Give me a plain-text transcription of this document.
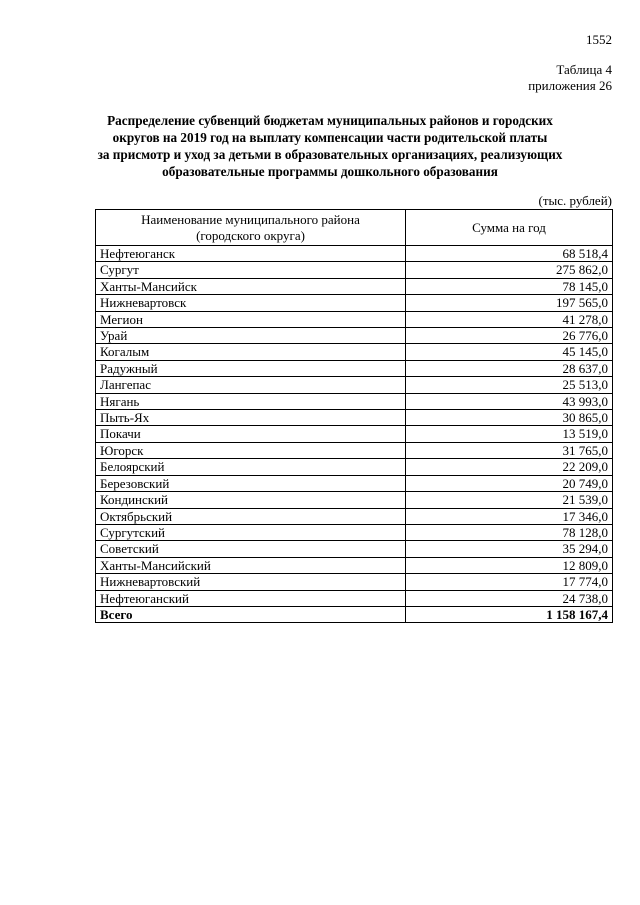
1552
Таблица 4
приложения 26
Распределение субвенций бюджетам муниципальных районов и городских
округов на 2019 год на выплату компенсации части родительской платы
за присмотр и уход за детьми в образовательных организациях, реализующих
образовательные программы дошкольного образования
(тыс. рублей)
Наименование муниципального района
(городского округа)	Сумма на год
Нефтеюганск	68 518,4
Сургут	275 862,0
Ханты-Мансийск	78 145,0
Нижневартовск	197 565,0
Мегион	41 278,0
Урай	26 776,0
Когалым	45 145,0
Радужный	28 637,0
Лангепас	25 513,0
Нягань	43 993,0
Пыть-Ях	30 865,0
Покачи	13 519,0
Югорск	31 765,0
Белоярский	22 209,0
Березовский	20 749,0
Кондинский	21 539,0
Октябрьский	17 346,0
Сургутский	78 128,0
Советский	35 294,0
Ханты-Мансийский	12 809,0
Нижневартовский	17 774,0
Нефтеюганский	24 738,0
Всего	1 158 167,4
